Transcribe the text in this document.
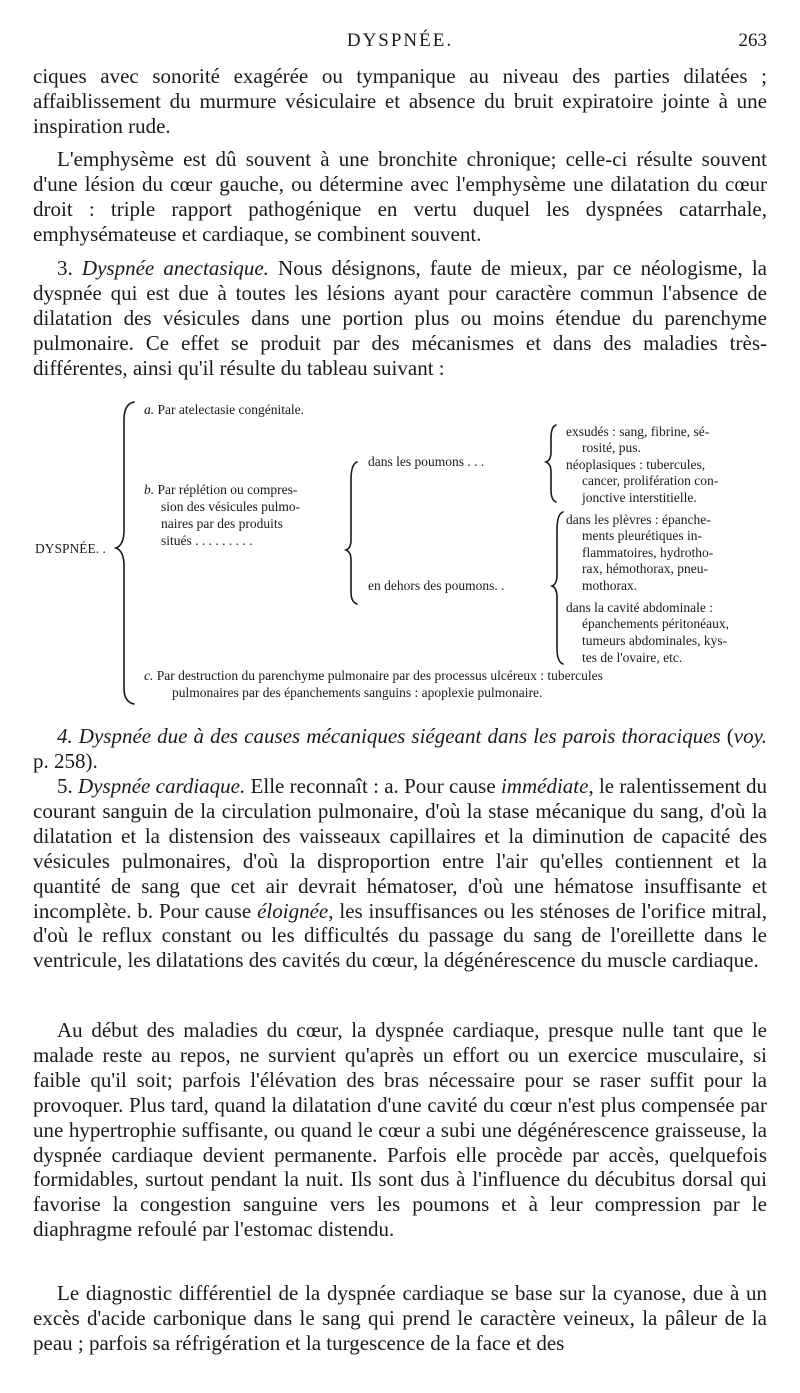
DYSPNÉE.	263

ciques avec sonorité exagérée ou tympanique au niveau des parties dilatées ; affaiblissement du murmure vésiculaire et absence du bruit expiratoire jointe à une inspiration rude.

L'emphysème est dû souvent à une bronchite chronique; celle-ci résulte souvent d'une lésion du cœur gauche, ou détermine avec l'emphysème une dilatation du cœur droit : triple rapport pathogénique en vertu duquel les dyspnées catarrhale, emphysémateuse et cardiaque, se combinent souvent.

3. Dyspnée anectasique. Nous désignons, faute de mieux, par ce néologisme, la dyspnée qui est due à toutes les lésions ayant pour caractère commun l'absence de dilatation des vésicules dans une portion plus ou moins étendue du parenchyme pulmonaire. Ce effet se produit par des mécanismes et dans des maladies très-différentes, ainsi qu'il résulte du tableau suivant :

a. Par atelectasie congénitale.

DYSPNÉE. .

b. Par réplétion ou compres-

sion des vésicules pulmo-

naires par des produits

situés . . . . . . . . .

dans les poumons . . .

en dehors des poumons. .

exsudés : sang, fibrine, sé-

rosité, pus.

néoplasiques : tubercules,

cancer, prolifération con-

jonctive interstitielle.

dans les plèvres : épanche-

ments pleurétiques in-

flammatoires, hydrotho-

rax, hémothorax, pneu-

mothorax.

dans la cavité abdominale :

épanchements péritonéaux,

tumeurs abdominales, kys-

tes de l'ovaire, etc.

c. Par destruction du parenchyme pulmonaire par des processus ulcéreux : tubercules

pulmonaires par des épanchements sanguins : apoplexie pulmonaire.

4. Dyspnée due à des causes mécaniques siégeant dans les parois thoraciques (voy. p. 258).

5. Dyspnée cardiaque. Elle reconnaît : a. Pour cause immédiate, le ralentissement du courant sanguin de la circulation pulmonaire, d'où la stase mécanique du sang, d'où la dilatation et la distension des vaisseaux capillaires et la diminution de capacité des vésicules pulmonaires, d'où la disproportion entre l'air qu'elles contiennent et la quantité de sang que cet air devrait hématoser, d'où une hématose insuffisante et incomplète. b. Pour cause éloignée, les insuffisances ou les sténoses de l'orifice mitral, d'où le reflux constant ou les difficultés du passage du sang de l'oreillette dans le ventricule, les dilatations des cavités du cœur, la dégénérescence du muscle cardiaque.

Au début des maladies du cœur, la dyspnée cardiaque, presque nulle tant que le malade reste au repos, ne survient qu'après un effort ou un exercice musculaire, si faible qu'il soit; parfois l'élévation des bras nécessaire pour se raser suffit pour la provoquer. Plus tard, quand la dilatation d'une cavité du cœur n'est plus compensée par une hypertrophie suffisante, ou quand le cœur a subi une dégénérescence graisseuse, la dyspnée cardiaque devient permanente. Parfois elle procède par accès, quelquefois formidables, surtout pendant la nuit. Ils sont dus à l'influence du décubitus dorsal qui favorise la congestion sanguine vers les poumons et à leur compression par le diaphragme refoulé par l'estomac distendu.

Le diagnostic différentiel de la dyspnée cardiaque se base sur la cyanose, due à un excès d'acide carbonique dans le sang qui prend le caractère veineux, la pâleur de la peau ; parfois sa réfrigération et la turgescence de la face et des
